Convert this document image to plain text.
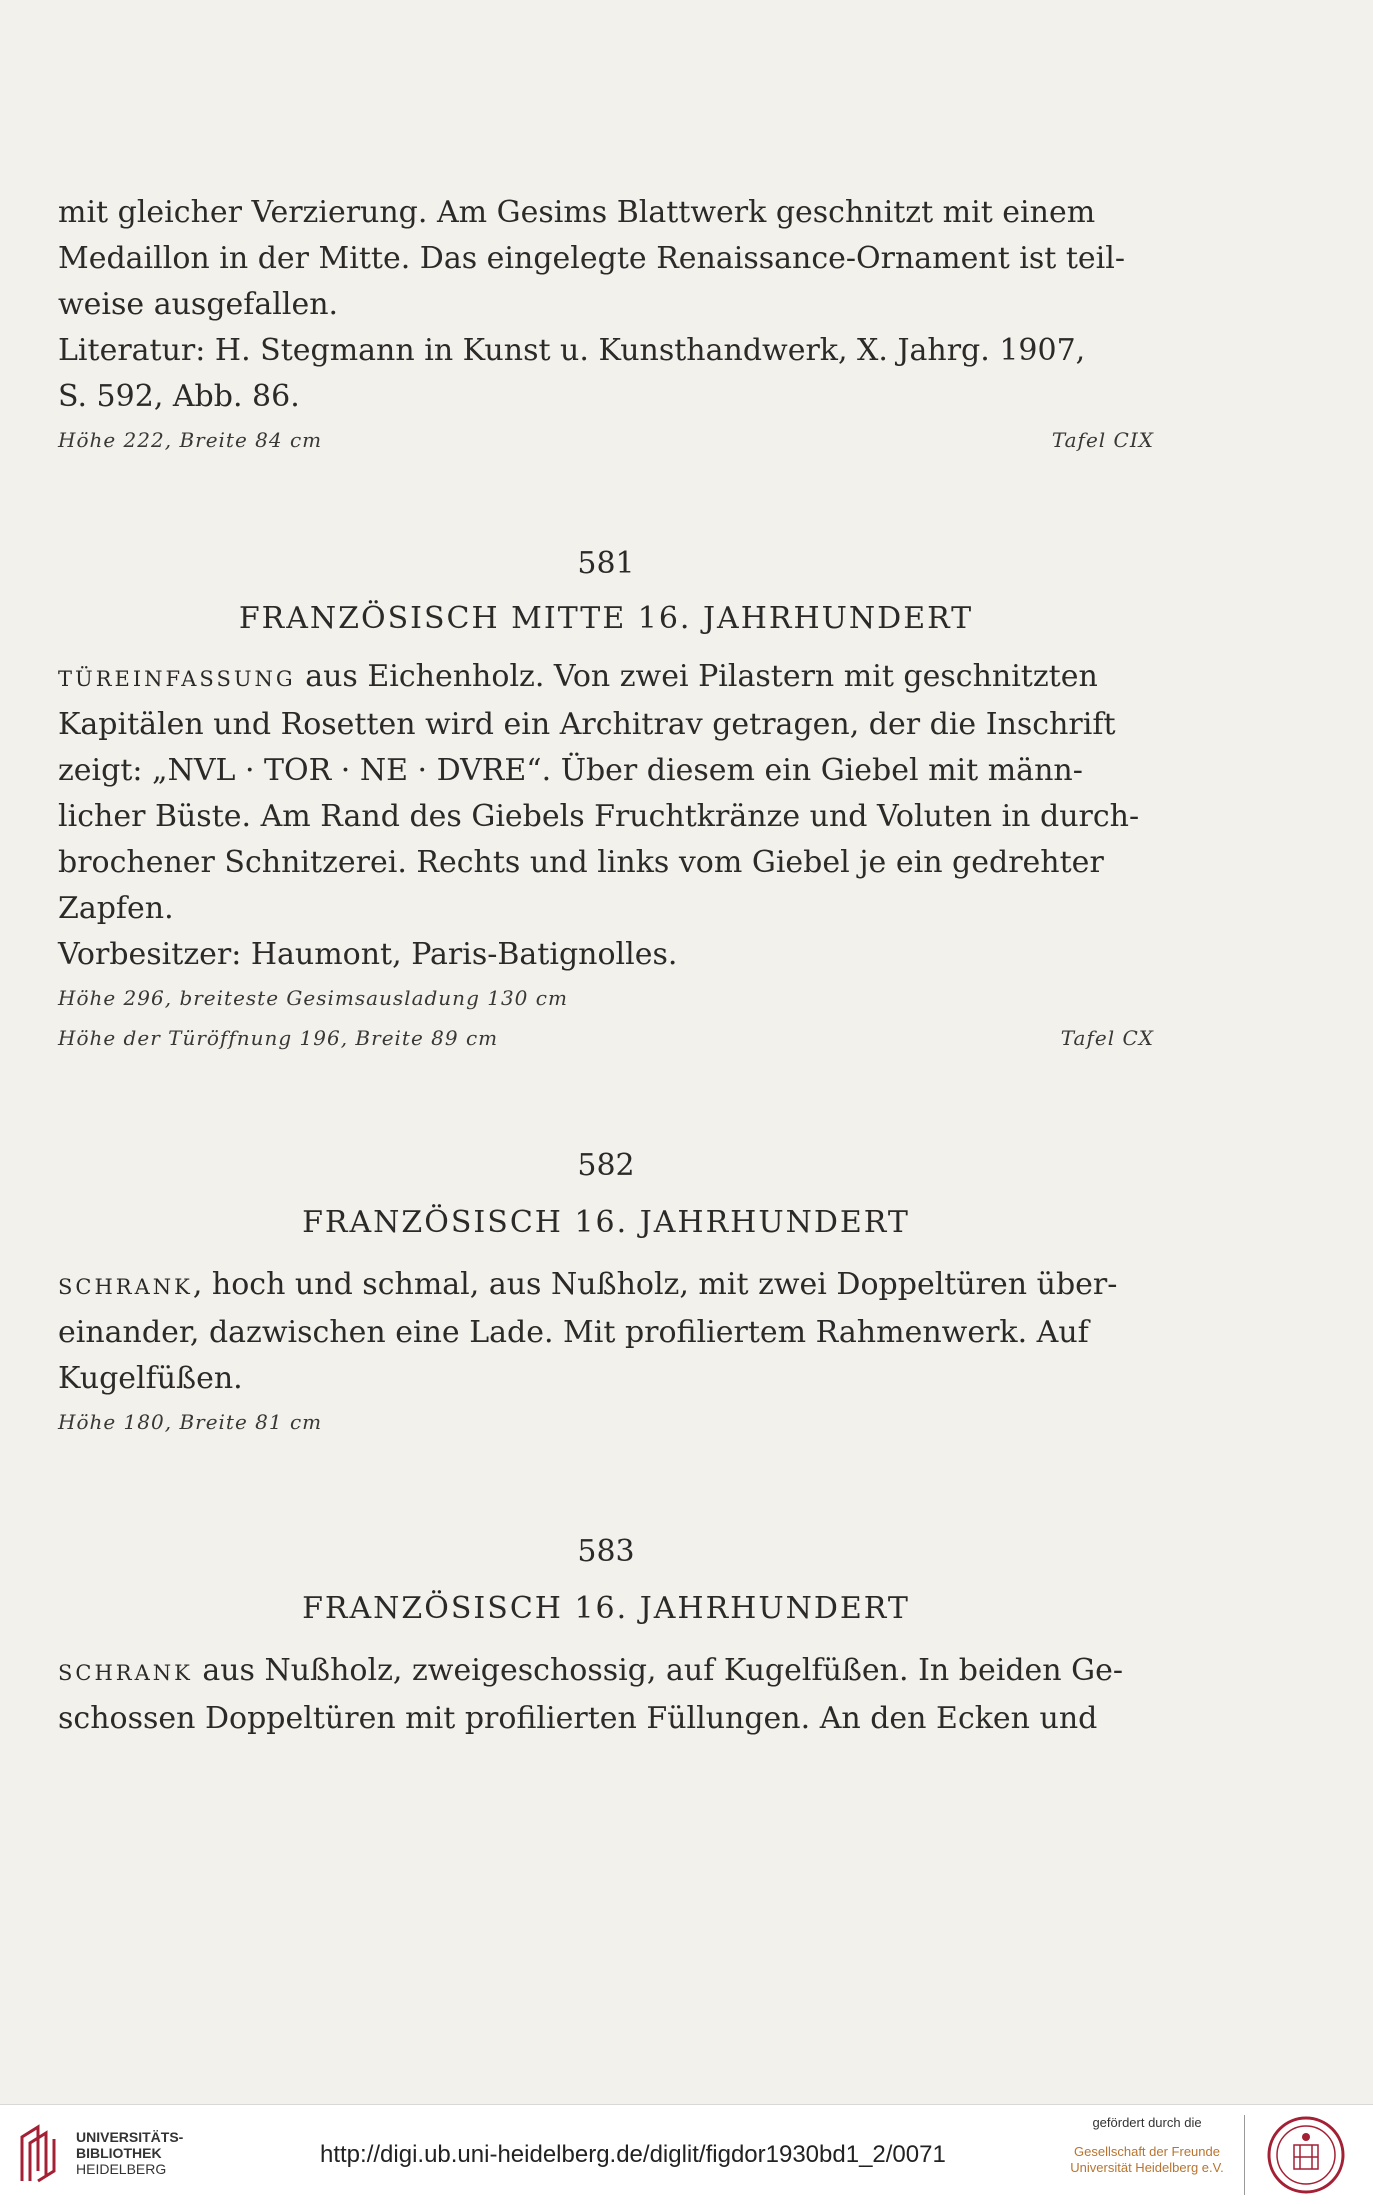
mit gleicher Verzierung. Am Gesims Blattwerk geschnitzt mit einem
Medaillon in der Mitte. Das eingelegte Renaissance-Ornament ist teil-
weise ausgefallen.
Literatur: H. Stegmann in Kunst u. Kunsthandwerk, X. Jahrg. 1907,
S. 592, Abb. 86.

Höhe 222, Breite 84 cm	Tafel CIX

581

FRANZÖSISCH MITTE 16. JAHRHUNDERT

TÜREINFASSUNG aus Eichenholz. Von zwei Pilastern mit geschnitzten
Kapitälen und Rosetten wird ein Architrav getragen, der die Inschrift
zeigt: „NVL · TOR · NE · DVRE“. Über diesem ein Giebel mit männ-
licher Büste. Am Rand des Giebels Fruchtkränze und Voluten in durch-
brochener Schnitzerei. Rechts und links vom Giebel je ein gedrehter
Zapfen.
Vorbesitzer: Haumont, Paris-Batignolles.

Höhe 296, breiteste Gesimsausladung 130 cm

Höhe der Türöffnung 196, Breite 89 cm	Tafel CX

582

FRANZÖSISCH 16. JAHRHUNDERT

SCHRANK, hoch und schmal, aus Nußholz, mit zwei Doppeltüren über-
einander, dazwischen eine Lade. Mit profiliertem Rahmenwerk. Auf
Kugelfüßen.

Höhe 180, Breite 81 cm

583

FRANZÖSISCH 16. JAHRHUNDERT

SCHRANK aus Nußholz, zweigeschossig, auf Kugelfüßen. In beiden Ge-
schossen Doppeltüren mit profilierten Füllungen. An den Ecken und

UNIVERSITÄTS-
BIBLIOTHEK
HEIDELBERG
http://digi.ub.uni-heidelberg.de/diglit/figdor1930bd1_2/0071
gefördert durch die
Gesellschaft der Freunde
Universität Heidelberg e.V.
